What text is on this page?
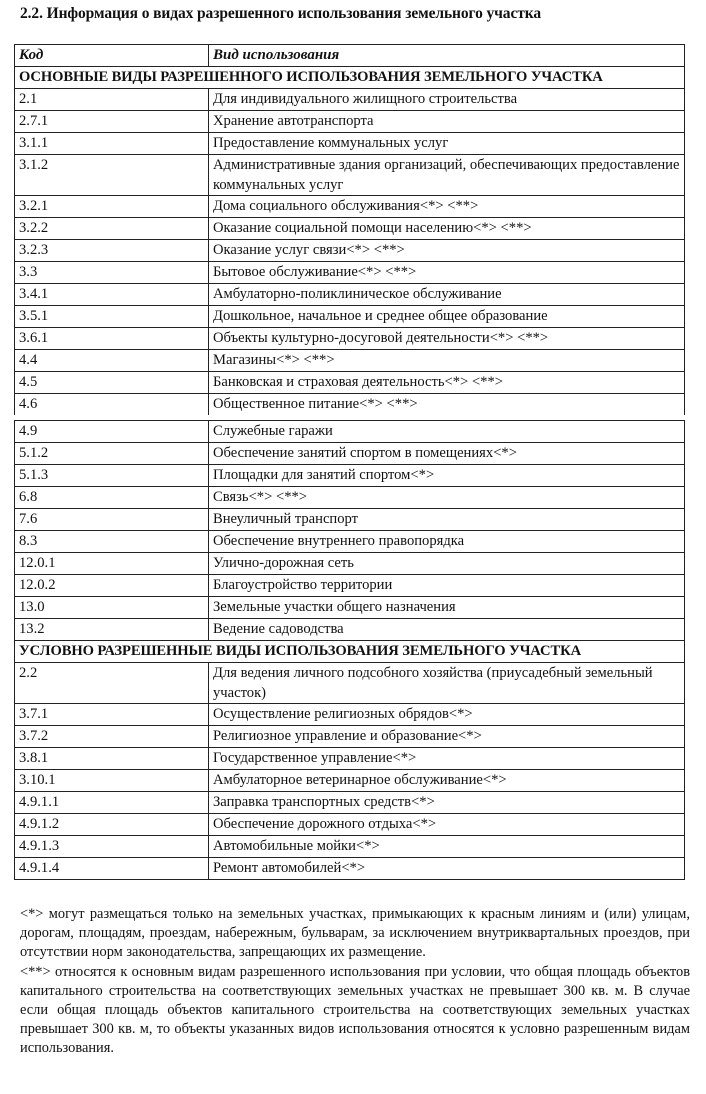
2.2. Информация о видах разрешенного использования земельного участка
Код	Вид использования
ОСНОВНЫЕ ВИДЫ РАЗРЕШЕННОГО ИСПОЛЬЗОВАНИЯ ЗЕМЕЛЬНОГО УЧАСТКА	
2.1	Для индивидуального жилищного строительства
2.7.1	Хранение автотранспорта
3.1.1	Предоставление коммунальных услуг
3.1.2	Административные здания организаций, обеспечивающих предоставление коммунальных услуг
3.2.1	Дома социального обслуживания<*> <**>
3.2.2	Оказание социальной помощи населению<*> <**>
3.2.3	Оказание услуг связи<*> <**>
3.3	Бытовое обслуживание<*> <**>
3.4.1	Амбулаторно-поликлиническое обслуживание
3.5.1	Дошкольное, начальное и среднее общее образование
3.6.1	Объекты культурно-досуговой деятельности<*> <**>
4.4	Магазины<*> <**>
4.5	Банковская и страховая деятельность<*> <**>
4.6	Общественное питание<*> <**>
4.9	Служебные гаражи
5.1.2	Обеспечение занятий спортом в помещениях<*>
5.1.3	Площадки для занятий спортом<*>
6.8	Связь<*> <**>
7.6	Внеуличный транспорт
8.3	Обеспечение внутреннего правопорядка
12.0.1	Улично-дорожная сеть
12.0.2	Благоустройство территории
13.0	Земельные участки общего назначения
13.2	Ведение садоводства
УСЛОВНО РАЗРЕШЕННЫЕ ВИДЫ ИСПОЛЬЗОВАНИЯ ЗЕМЕЛЬНОГО УЧАСТКА	
2.2	Для ведения личного подсобного хозяйства (приусадебный земельный участок)
3.7.1	Осуществление религиозных обрядов<*>
3.7.2	Религиозное управление и образование<*>
3.8.1	Государственное управление<*>
3.10.1	Амбулаторное ветеринарное обслуживание<*>
4.9.1.1	Заправка транспортных средств<*>
4.9.1.2	Обеспечение дорожного отдыха<*>
4.9.1.3	Автомобильные мойки<*>
4.9.1.4	Ремонт автомобилей<*>

<*> могут размещаться только на земельных участках, примыкающих к красным линиям и (или) улицам, дорогам, площадям, проездам, набережным, бульварам, за исключением внутриквартальных проездов, при отсутствии норм законодательства, запрещающих их размещение.

<**> относятся к основным видам разрешенного использования при условии, что общая площадь объектов капитального строительства на соответствующих земельных участках не превышает 300 кв. м. В случае если общая площадь объектов капитального строительства на соответствующих земельных участках превышает 300 кв. м, то объекты указанных видов использования относятся к условно разрешенным видам использования.
